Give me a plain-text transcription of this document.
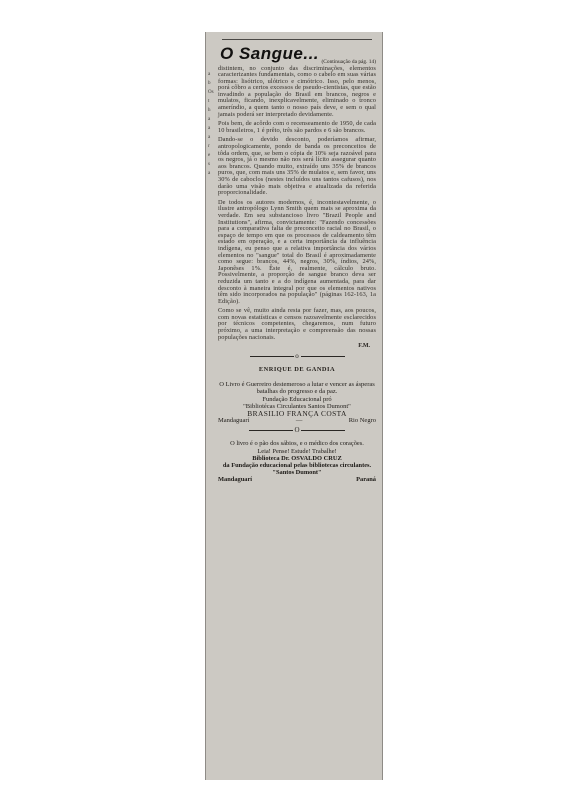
a
b
Os
t
h
a
a
a
r
e
s
a
O Sangue... (Continuação da pág. 14)

distintem, no conjunto das discriminações, elementos caracterizantes fundamentais, como o cabelo em suas várias formas: lisótrico, ulótrico e cimótrico. Isso, pelo menos, porá côbro a certos excessos de pseudo-cientistas, que estão invadindo a população do Brasil em brancos, negros e mulatos, ficando, inexplicavelmente, eliminado o tronco ameríndio, a quem tanto o nosso país deve, e sem o qual jamais poderá ser interpretado devidamente.

Pois bem, de acôrdo com o recenseamento de 1950, de cada 10 brasileiros, 1 é prêto, três são pardos e 6 são brancos.

Dando-se o devido desconto, poderíamos afirmar, antropologicamente, pondo de banda os preconceitos de tôda ordem, que, se bem o cópia de 10% seja razoável para os negros, já o mesmo não nos será lícito assegurar quanto aos brancos. Quando muito, extraído uns 35% de brancos puros, que, com mais uns 35% de mulatos e, sem favor, uns 30% de caboclos (nestes incluídos uns tantos cafusos), nos darão uma visão mais objetiva e atualizada da referida proporcionalidade.

De todos os autores modernos, é, incontestavelmente, o ilustre antropólogo Lynn Smith quem mais se aproxima da verdade. Em seu substancioso livro "Brazil People and Institutions", afirma, convictamente: "Fazendo concessões para a comparativa falta de preconceito racial no Brasil, o espaço de tempo em que os processos de caldeamento têm estado em operação, e a certa importância da influência indígena, eu penso que a relativa importância dos vários elementos no "sangue" total do Brasil é aproximadamente como segue: brancos, 44%, negros, 30%, índios, 24%, Japonêses 1%. Êste é, realmente, cálculo bruto. Possivelmente, a proporção de sangue branco deva ser reduzida um tanto e a do indígena aumentada, para dar desconto à maneira integral por que os elementos nativos têm sido incorporados na população" (páginas 162-163, 1a Edição).

Como se vê, muito ainda resta por fazer, mas, aos poucos, com novas estatísticas e censos razoavelmente esclarecidos por técnicos competentes, chegaremos, num futuro próximo, a uma interpretação e compreensão das nossas populações nacionais.

F.M.
o
ENRIQUE DE GANDIA
O Livro é Guerreiro destemeroso a lutar e vencer as ásperas batalhas do progresso e da paz.
Fundação Educacional pró
"Bibliotécas Circulantes Santos Dumont"
BRASILIO FRANÇA COSTA
Mandaguarí	—	Rio Negro
O
O livro é o pão dos sábios, e o médico dos corações.
Leia! Pense! Estude! Trabalhe!
Biblioteca Dr. OSVALDO CRUZ
da Fundação educacional pelas bibliotecas circulantes. "Santos Dumont"
Mandaguarí	Paraná
